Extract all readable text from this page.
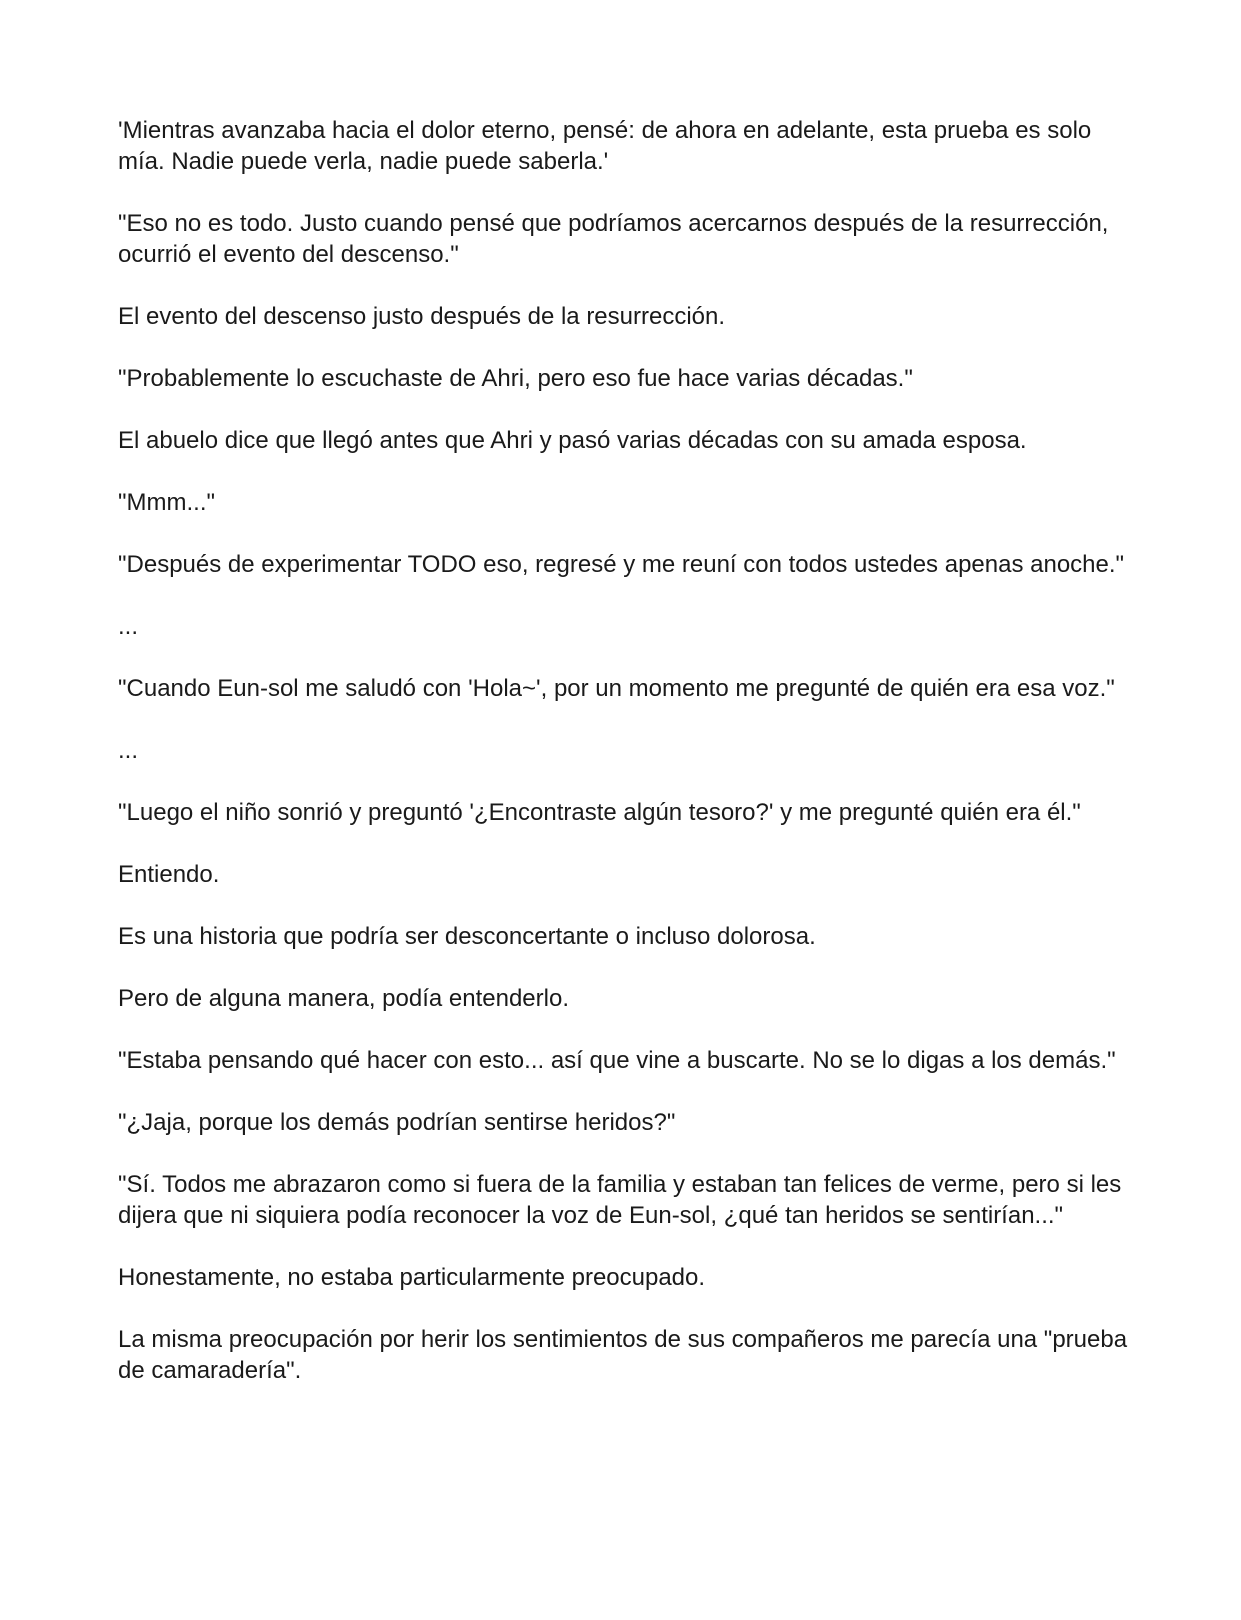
'Mientras avanzaba hacia el dolor eterno, pensé: de ahora en adelante, esta prueba es solo mía. Nadie puede verla, nadie puede saberla.'

"Eso no es todo. Justo cuando pensé que podríamos acercarnos después de la resurrección, ocurrió el evento del descenso."

El evento del descenso justo después de la resurrección.

"Probablemente lo escuchaste de Ahri, pero eso fue hace varias décadas."

El abuelo dice que llegó antes que Ahri y pasó varias décadas con su amada esposa.

"Mmm..."

"Después de experimentar TODO eso, regresé y me reuní con todos ustedes apenas anoche."

...

"Cuando Eun-sol me saludó con 'Hola~', por un momento me pregunté de quién era esa voz."

...

"Luego el niño sonrió y preguntó '¿Encontraste algún tesoro?' y me pregunté quién era él."

Entiendo.

Es una historia que podría ser desconcertante o incluso dolorosa.

Pero de alguna manera, podía entenderlo.

"Estaba pensando qué hacer con esto... así que vine a buscarte. No se lo digas a los demás."

"¿Jaja, porque los demás podrían sentirse heridos?"

"Sí. Todos me abrazaron como si fuera de la familia y estaban tan felices de verme, pero si les dijera que ni siquiera podía reconocer la voz de Eun-sol, ¿qué tan heridos se sentirían..."

Honestamente, no estaba particularmente preocupado.

La misma preocupación por herir los sentimientos de sus compañeros me parecía una "prueba de camaradería".
